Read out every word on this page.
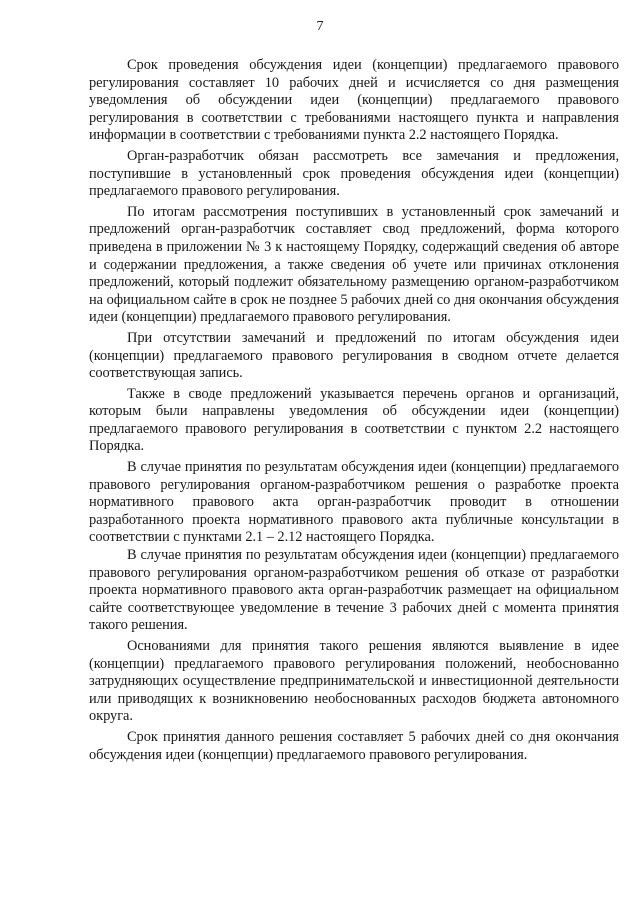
7

Срок проведения обсуждения идеи (концепции) предлагаемого правового регулирования составляет 10 рабочих дней и исчисляется со дня размещения уведомления об обсуждении идеи (концепции) предлагаемого правового регулирования в соответствии с требованиями настоящего пункта и направления информации в соответствии с требованиями пункта 2.2 настоящего Порядка.

Орган-разработчик обязан рассмотреть все замечания и предложения, поступившие в установленный срок проведения обсуждения идеи (концепции) предлагаемого правового регулирования.

По итогам рассмотрения поступивших в установленный срок замечаний и предложений орган-разработчик составляет свод предложений, форма которого приведена в приложении № 3 к настоящему Порядку, содержащий сведения об авторе и содержании предложения, а также сведения об учете или причинах отклонения предложений, который подлежит обязательному размещению органом-разработчиком на официальном сайте в срок не позднее 5 рабочих дней со дня окончания обсуждения идеи (концепции) предлагаемого правового регулирования.

При отсутствии замечаний и предложений по итогам обсуждения идеи (концепции) предлагаемого правового регулирования в сводном отчете делается соответствующая запись.

Также в своде предложений указывается перечень органов и организаций, которым были направлены уведомления об обсуждении идеи (концепции) предлагаемого правового регулирования в соответствии с пунктом 2.2 настоящего Порядка.

В случае принятия по результатам обсуждения идеи (концепции) предлагаемого правового регулирования органом-разработчиком решения о разработке проекта нормативного правового акта орган-разработчик проводит в отношении разработанного проекта нормативного правового акта публичные консультации в соответствии с пунктами 2.1 – 2.12 настоящего Порядка.

В случае принятия по результатам обсуждения идеи (концепции) предлагаемого правового регулирования органом-разработчиком решения об отказе от разработки проекта нормативного правового акта орган-разработчик размещает на официальном сайте соответствующее уведомление в течение 3 рабочих дней с момента принятия такого решения.

Основаниями для принятия такого решения являются выявление в идее (концепции) предлагаемого правового регулирования положений, необоснованно затрудняющих осуществление предпринимательской и инвестиционной деятельности или приводящих к возникновению необоснованных расходов бюджета автономного округа.

Срок принятия данного решения составляет 5 рабочих дней со дня окончания обсуждения идеи (концепции) предлагаемого правового регулирования.
